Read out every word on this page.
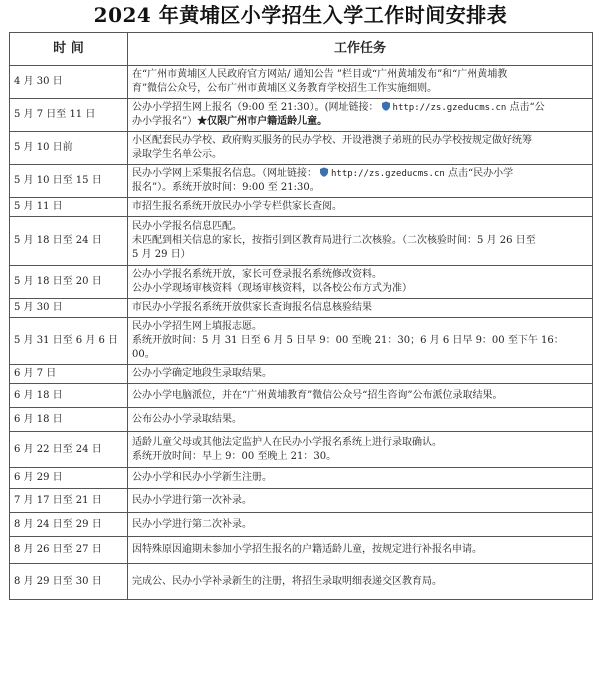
2024 年黄埔区小学招生入学工作时间安排表
时 间	工作任务
4 月 30 日	在“广州市黄埔区人民政府官方网站/ 通知公告 ”栏目或“广州黄埔发布”和“广州黄埔教
育”微信公众号，公布广州市黄埔区义务教育学校招生工作实施细则。

5 月 7 日至 11 日	公办小学招生网上报名（9:00 至 21:30）。(网址链接： http://zs.gzeducms.cn 点击“公
办小学报名”）★仅限广州市户籍适龄儿童。

5 月 10 日前	小区配套民办学校、政府购买服务的民办学校、开设港澳子弟班的民办学校按规定做好统筹
录取学生名单公示。

5 月 10 日至 15 日	民办小学网上采集报名信息。（网址链接： http://zs.gzeducms.cn 点击“民办小学
报名”）。系统开放时间：9:00 至 21:30。

5 月 11 日	市招生报名系统开放民办小学专栏供家长查阅。

5 月 18 日至 24 日	民办小学报名信息匹配。
未匹配到相关信息的家长，按指引到区教育局进行二次核验。（二次核验时间：5 月 26 日至
5 月 29 日）

5 月 18 日至 20 日	公办小学报名系统开放，家长可登录报名系统修改资料。
公办小学现场审核资料（现场审核资料，以各校公布方式为准）

5 月 30 日	市民办小学报名系统开放供家长查询报名信息核验结果

5 月 31 日至 6 月 6 日	民办小学招生网上填报志愿。
系统开放时间：5 月 31 日至 6 月 5 日早 9：00 至晚 21：30；6 月 6 日早 9：00 至下午 16：
00。

6 月 7 日	公办小学确定地段生录取结果。

6 月 18 日	公办小学电脑派位，并在“广州黄埔教育”微信公众号“招生咨询”公布派位录取结果。

6 月 18 日	公布公办小学录取结果。

6 月 22 日至 24 日	适龄儿童父母或其他法定监护人在民办小学报名系统上进行录取确认。
系统开放时间：早上 9：00 至晚上 21：30。

6 月 29 日	公办小学和民办小学新生注册。

7 月 17 日至 21 日	民办小学进行第一次补录。

8 月 24 日至 29 日	民办小学进行第二次补录。

8 月 26 日至 27 日	因特殊原因逾期未参加小学招生报名的户籍适龄儿童，按规定进行补报名申请。

8 月 29 日至 30 日	完成公、民办小学补录新生的注册，将招生录取明细表递交区教育局。
